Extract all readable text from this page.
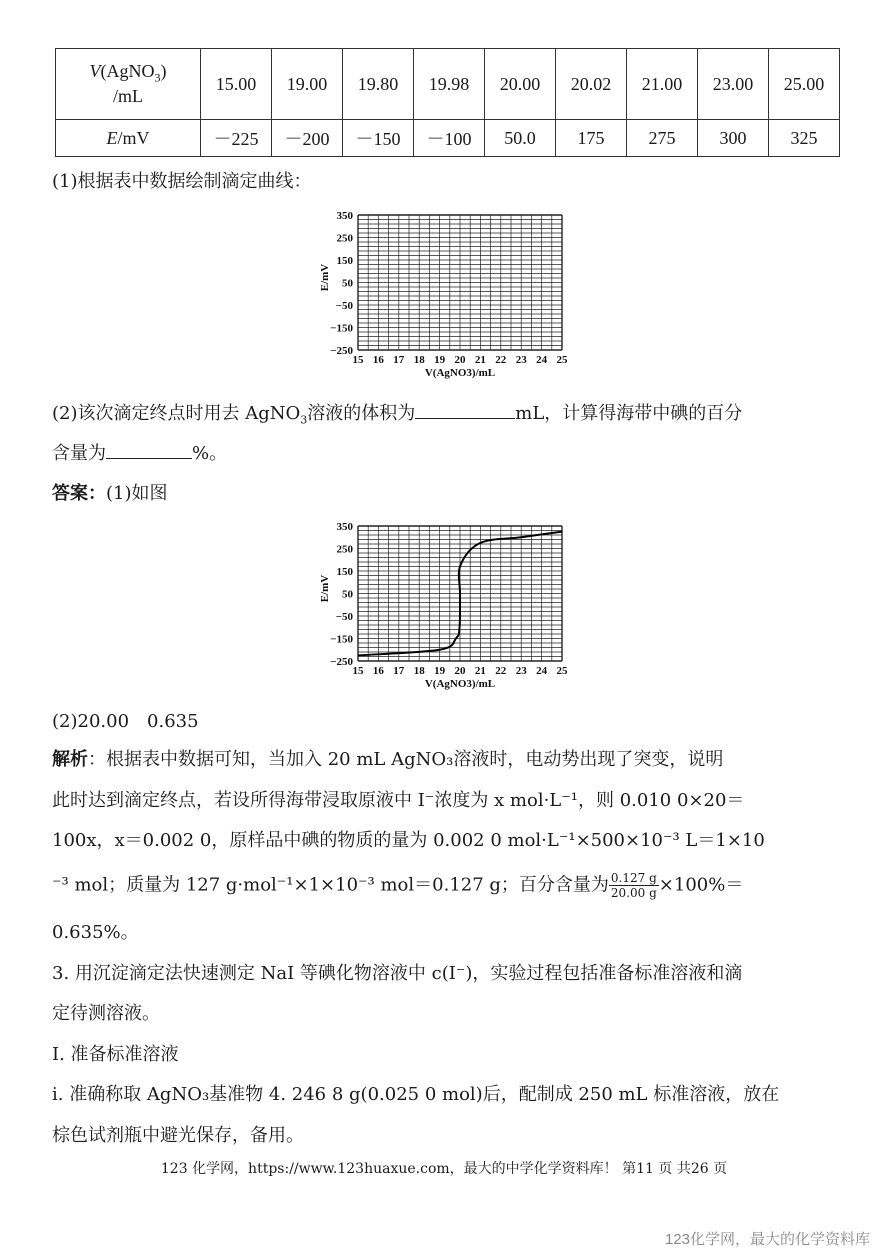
V(AgNO$_3$)
/mL	15.00	19.00	19.80	19.98	20.00	20.02	21.00	23.00	25.00
E/mV	－225	－200	－150	－100	50.0	175	275	300	325
(1)根据表中数据绘制滴定曲线：
350
250
150
50
−50
−150
−250
15 16 17 18 19 20 21 22 23 24 25
V(AgNO3)/mL
E/mV
(2)该次滴定终点时用去 AgNO$_3$溶液的体积为	mL，计算得海带中碘的百分
含量为	%。
答案：(1)如图
350
250
150
50
−50
−150
−250
15 16 17 18 19 20 21 22 23 24 25
V(AgNO3)/mL
E/mV
(2)20.00　0.635
解析：根据表中数据可知，当加入 20 mL AgNO₃溶液时，电动势出现了突变，说明
此时达到滴定终点，若设所得海带浸取原液中 I⁻浓度为 x mol·L⁻¹，则 0.010 0×20＝
100x，x＝0.002 0，原样品中碘的物质的量为 0.002 0 mol·L⁻¹×500×10⁻³ L＝1×10
⁻³ mol；质量为 127 g·mol⁻¹×1×10⁻³ mol＝0.127 g；百分含量为 $\frac{0.127 g}{20.00 g} \times 100\%=$
0.635%。
3. 用沉淀滴定法快速测定 NaI 等碘化物溶液中 c(I⁻)，实验过程包括准备标准溶液和滴
定待测溶液。
I. 准备标准溶液
i. 准确称取 AgNO₃基准物 4. 246 8 g(0.025 0 mol)后，配制成 250 mL 标准溶液，放在
棕色试剂瓶中避光保存，备用。
123 化学网，https://www.123huaxue.com，最大的中学化学资料库！ 第11 页 共26 页
123化学网，最大的化学资料库
